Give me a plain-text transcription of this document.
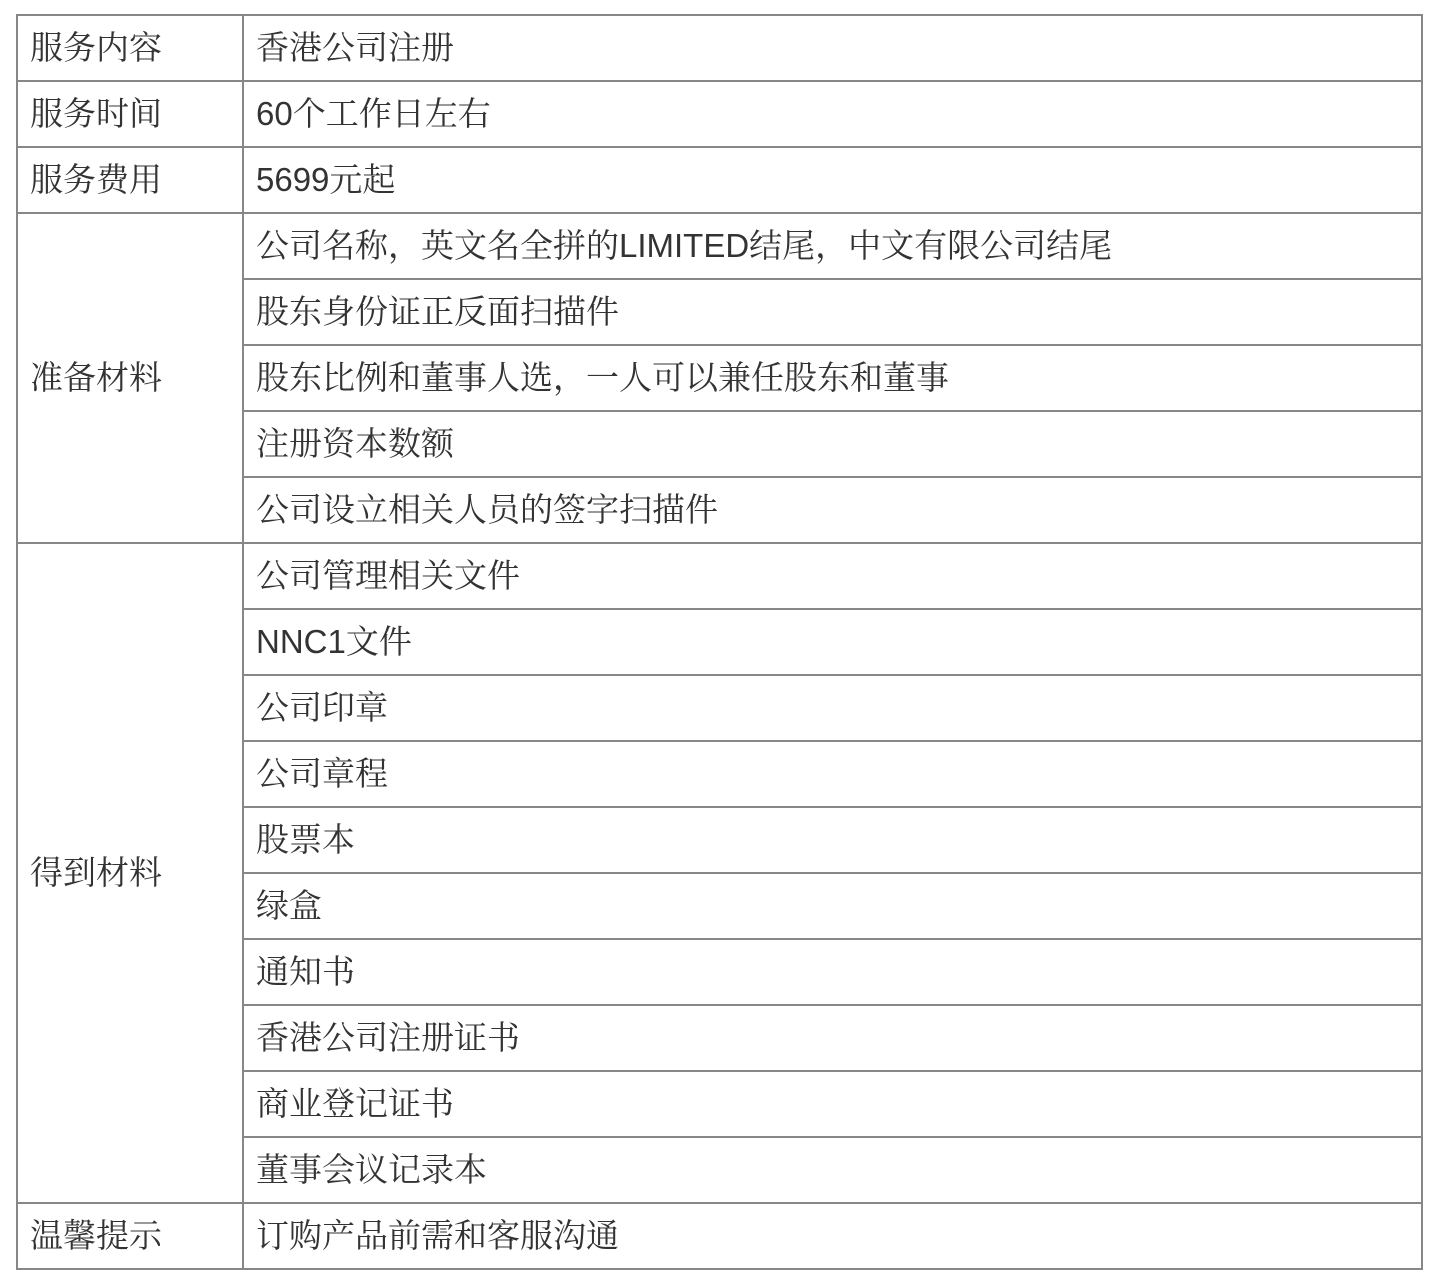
服务内容	香港公司注册
服务时间	60个工作日左右
服务费用	5699元起
准备材料	公司名称，英文名全拼的LIMITED结尾，中文有限公司结尾
	股东身份证正反面扫描件
	股东比例和董事人选，一人可以兼任股东和董事
	注册资本数额
	公司设立相关人员的签字扫描件
得到材料	公司管理相关文件
	NNC1文件
	公司印章
	公司章程
	股票本
	绿盒
	通知书
	香港公司注册证书
	商业登记证书
	董事会议记录本
温馨提示	订购产品前需和客服沟通
